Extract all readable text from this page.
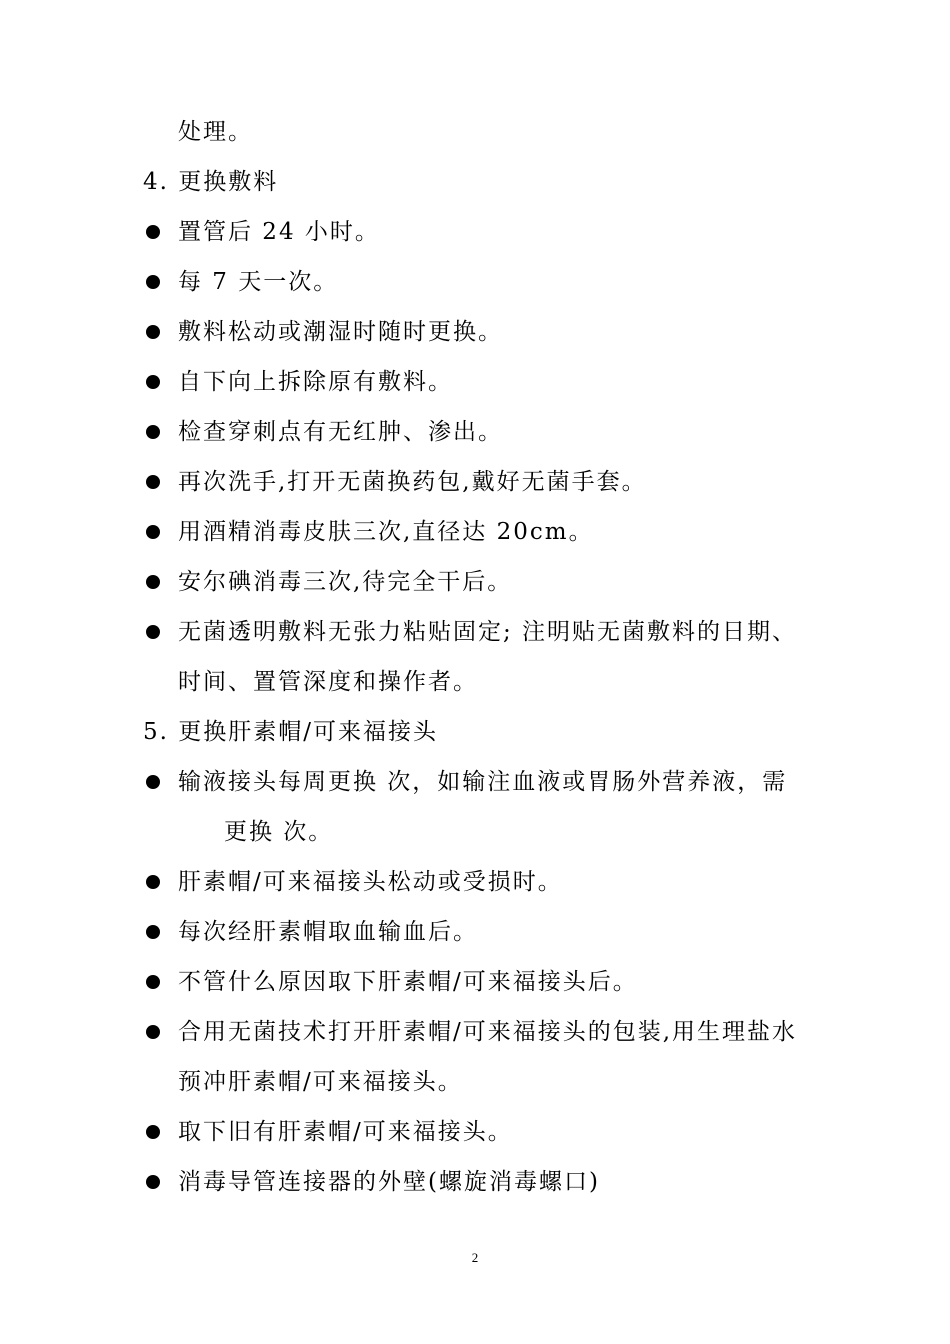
处理。
4. 更换敷料
置管后 24 小时。
每 7 天一次。
敷料松动或潮湿时随时更换。
自下向上拆除原有敷料。
检查穿刺点有无红肿、渗出。
再次洗手,打开无菌换药包,戴好无菌手套。
用酒精消毒皮肤三次,直径达 20cm。
安尔碘消毒三次,待完全干后。
无菌透明敷料无张力粘贴固定; 注明贴无菌敷料的日期、
时间、置管深度和操作者。
5. 更换肝素帽/可来福接头
输液接头每周更换 次，如输注血液或胃肠外营养液，需
更换 次。
肝素帽/可来福接头松动或受损时。
每次经肝素帽取血输血后。
不管什么原因取下肝素帽/可来福接头后。
合用无菌技术打开肝素帽/可来福接头的包装,用生理盐水
预冲肝素帽/可来福接头。
取下旧有肝素帽/可来福接头。
消毒导管连接器的外壁(螺旋消毒螺口)
2
